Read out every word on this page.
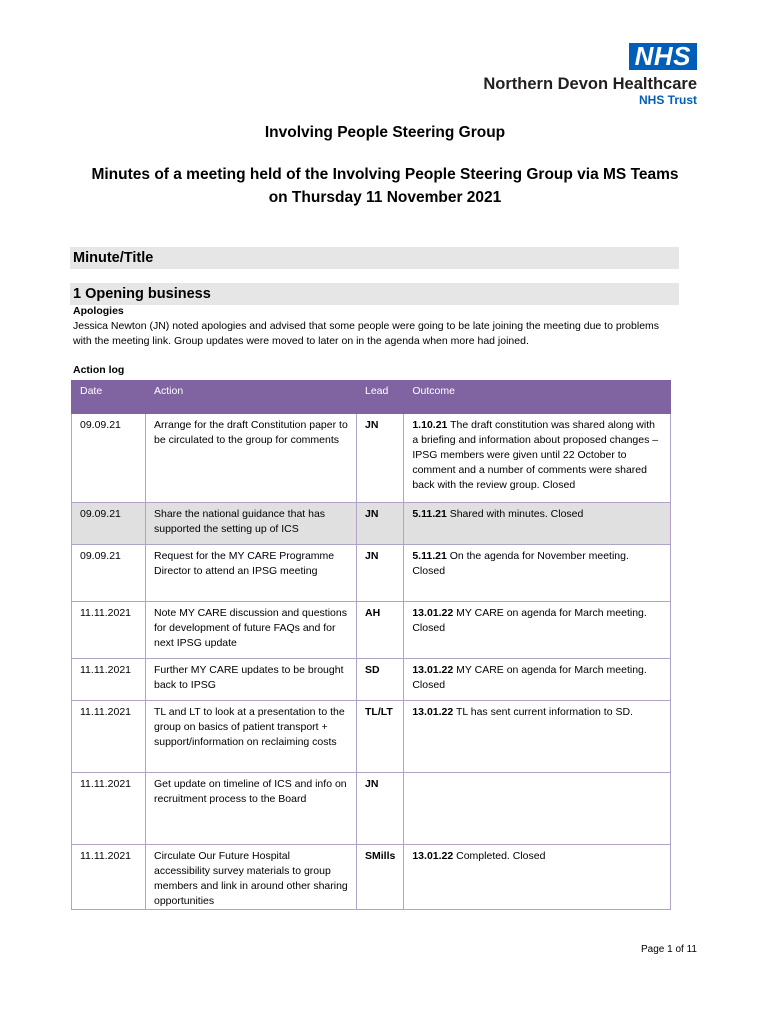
NHS
Northern Devon Healthcare
NHS Trust
Involving People Steering Group
Minutes of a meeting held of the Involving People Steering Group via MS Teams on Thursday 11 November 2021
Minute/Title
1 Opening business
Apologies
Jessica Newton (JN) noted apologies and advised that some people were going to be late joining the meeting due to problems with the meeting link. Group updates were moved to later on in the agenda when more had joined.
Action log
Date	Action	Lead	Outcome
09.09.21	Arrange for the draft Constitution paper to be circulated to the group for comments	JN	1.10.21 The draft constitution was shared along with a briefing and information about proposed changes – IPSG members were given until 22 October to comment and a number of comments were shared back with the review group. Closed
09.09.21	Share the national guidance that has supported the setting up of ICS	JN	5.11.21 Shared with minutes. Closed
09.09.21	Request for the MY CARE Programme Director to attend an IPSG meeting	JN	5.11.21 On the agenda for November meeting. Closed
11.11.2021	Note MY CARE discussion and questions for development of future FAQs and for next IPSG update	AH	13.01.22 MY CARE on agenda for March meeting. Closed
11.11.2021	Further MY CARE updates to be brought back to IPSG	SD	13.01.22 MY CARE on agenda for March meeting. Closed
11.11.2021	TL and LT to look at a presentation to the group on basics of patient transport + support/information on reclaiming costs	TL/LT	13.01.22 TL has sent current information to SD.
11.11.2021	Get update on timeline of ICS and info on recruitment process to the Board	JN	
11.11.2021	Circulate Our Future Hospital accessibility survey materials to group members and link in around other sharing opportunities	SMills	13.01.22 Completed. Closed
Page 1 of 11
